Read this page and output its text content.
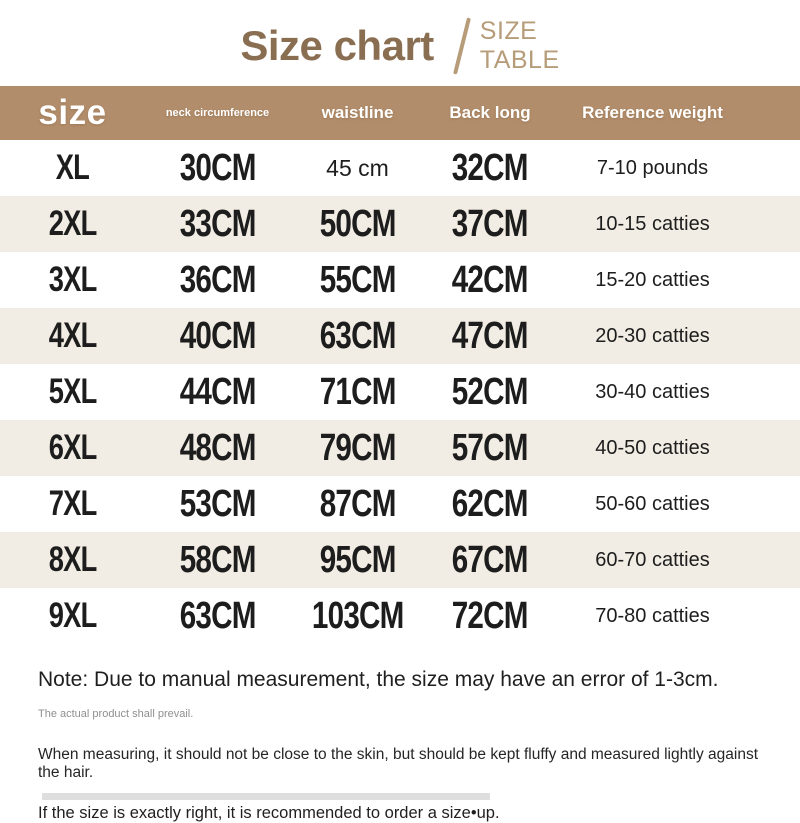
Size chart SIZE
TABLE
size	neck circumference	waistline	Back long	Reference weight
XL	30CM	45 cm	32CM	7-10 pounds
2XL	33CM	50CM	37CM	10-15 catties
3XL	36CM	55CM	42CM	15-20 catties
4XL	40CM	63CM	47CM	20-30 catties
5XL	44CM	71CM	52CM	30-40 catties
6XL	48CM	79CM	57CM	40-50 catties
7XL	53CM	87CM	62CM	50-60 catties
8XL	58CM	95CM	67CM	60-70 catties
9XL	63CM	103CM	72CM	70-80 catties

Note: Due to manual measurement, the size may have an error of 1-3cm.

The actual product shall prevail.

When measuring, it should not be close to the skin, but should be kept fluffy and measured lightly against the hair.

If the size is exactly right, it is recommended to order a size•up.
